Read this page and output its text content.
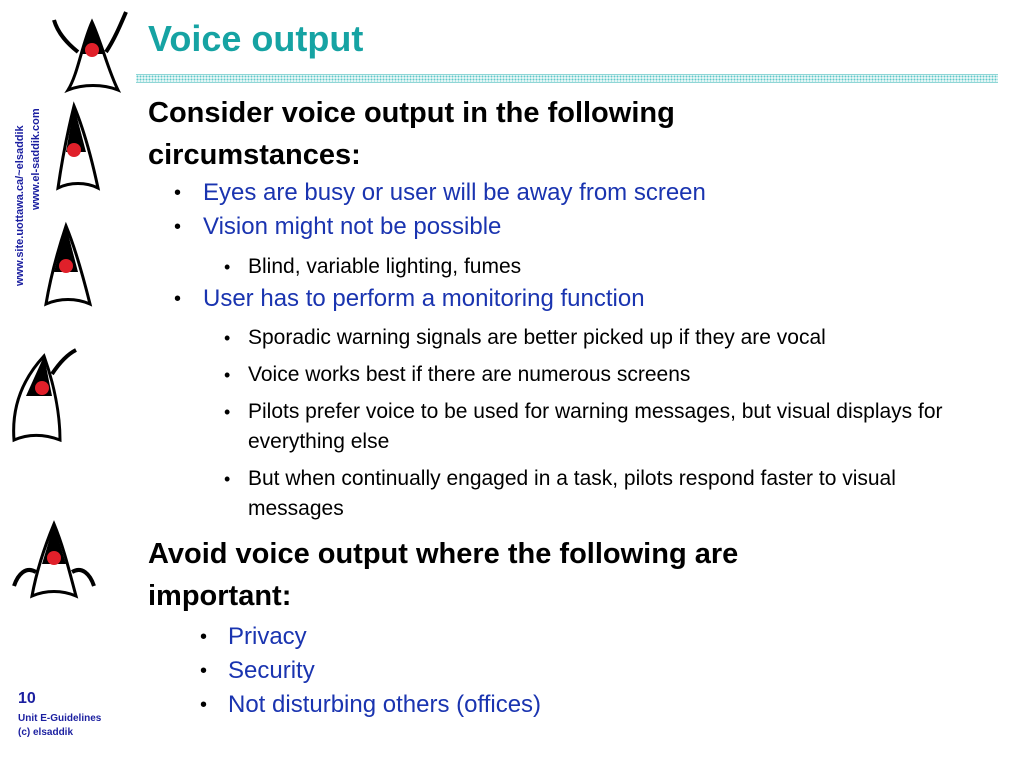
www.site.uottawa.ca/~elsaddik www.el-saddik.com
Voice output
Consider voice output in the following circumstances:
• Eyes are busy or user will be away from screen
• Vision might not be possible
• Blind, variable lighting, fumes
• User has to perform a monitoring function
• Sporadic warning signals are better picked up if they are vocal
• Voice works best if there are numerous screens
• Pilots prefer voice to be used for warning messages, but visual displays for everything else
• But when continually engaged in a task, pilots respond faster to visual messages
Avoid voice output where the following are important:
• Privacy
• Security
• Not disturbing others (offices)
10
Unit E-Guidelines
(c) elsaddik
